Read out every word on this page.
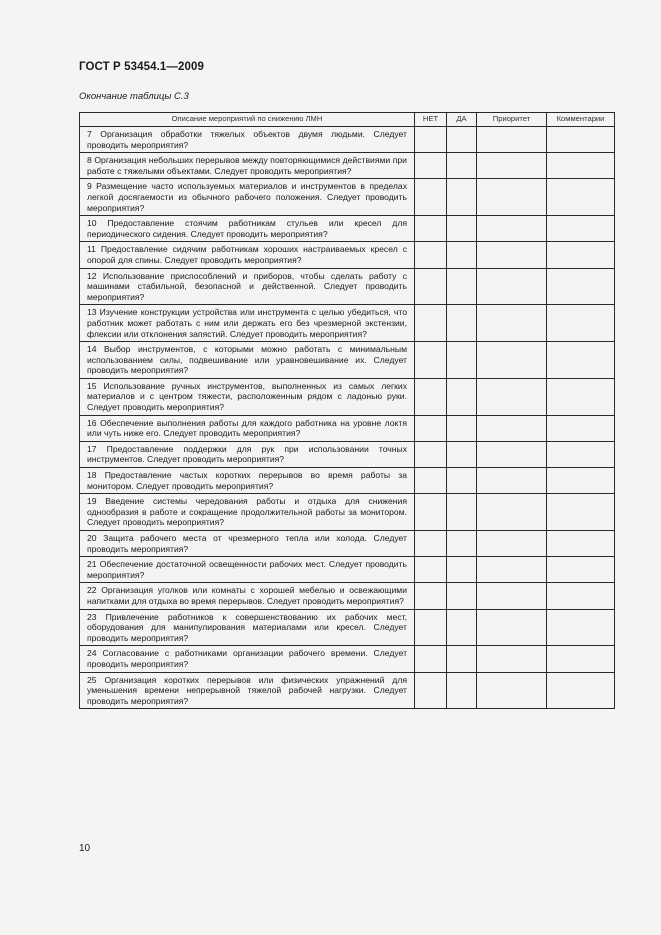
ГОСТ Р 53454.1—2009
Окончание таблицы С.3
Описание мероприятий по снижению ЛМН	НЕТ	ДА	Приоритет	Комментарии
7 Организация обработки тяжелых объектов двумя людьми. Следует проводить мероприятия?				
8 Организация небольших перерывов между повторяющимися действиями при работе с тяжелыми объектами. Следует проводить мероприятия?				
9 Размещение часто используемых материалов и инструментов в пределах легкой досягаемости из обычного рабочего положения. Следует проводить мероприятия?				
10 Предоставление стоячим работникам стульев или кресел для периодического сидения. Следует проводить мероприятия?				
11 Предоставление сидячим работникам хороших настраиваемых кресел с опорой для спины. Следует проводить мероприятия?				
12 Использование приспособлений и приборов, чтобы сделать работу с машинами стабильной, безопасной и действенной. Следует проводить мероприятия?				
13 Изучение конструкции устройства или инструмента с целью убедиться, что работник может работать с ним или держать его без чрезмерной экстензии, флексии или отклонения запястий. Следует проводить мероприятия?				
14 Выбор инструментов, с которыми можно работать с минимальным использованием силы, подвешивание или уравновешивание их. Следует проводить мероприятия?				
15 Использование ручных инструментов, выполненных из самых легких материалов и с центром тяжести, расположенным рядом с ладонью руки. Следует проводить мероприятия?				
16 Обеспечение выполнения работы для каждого работника на уровне локтя или чуть ниже его. Следует проводить мероприятия?				
17 Предоставление поддержки для рук при использовании точных инструментов. Следует проводить мероприятия?				
18 Предоставление частых коротких перерывов во время работы за монитором. Следует проводить мероприятия?				
19 Введение системы чередования работы и отдыха для снижения однообразия в работе и сокращение продолжительной работы за монитором. Следует проводить мероприятия?				
20 Защита рабочего места от чрезмерного тепла или холода. Следует проводить мероприятия?				
21 Обеспечение достаточной освещенности рабочих мест. Следует проводить мероприятия?				
22 Организация уголков или комнаты с хорошей мебелью и освежающими напитками для отдыха во время перерывов. Следует проводить мероприятия?				
23 Привлечение работников к совершенствованию их рабочих мест, оборудования для манипулирования материалами или кресел. Следует проводить мероприятия?				
24 Согласование с работниками организации рабочего времени. Следует проводить мероприятия?				
25 Организация коротких перерывов или физических упражнений для уменьшения времени непрерывной тяжелой рабочей нагрузки. Следует проводить мероприятия?				
10
